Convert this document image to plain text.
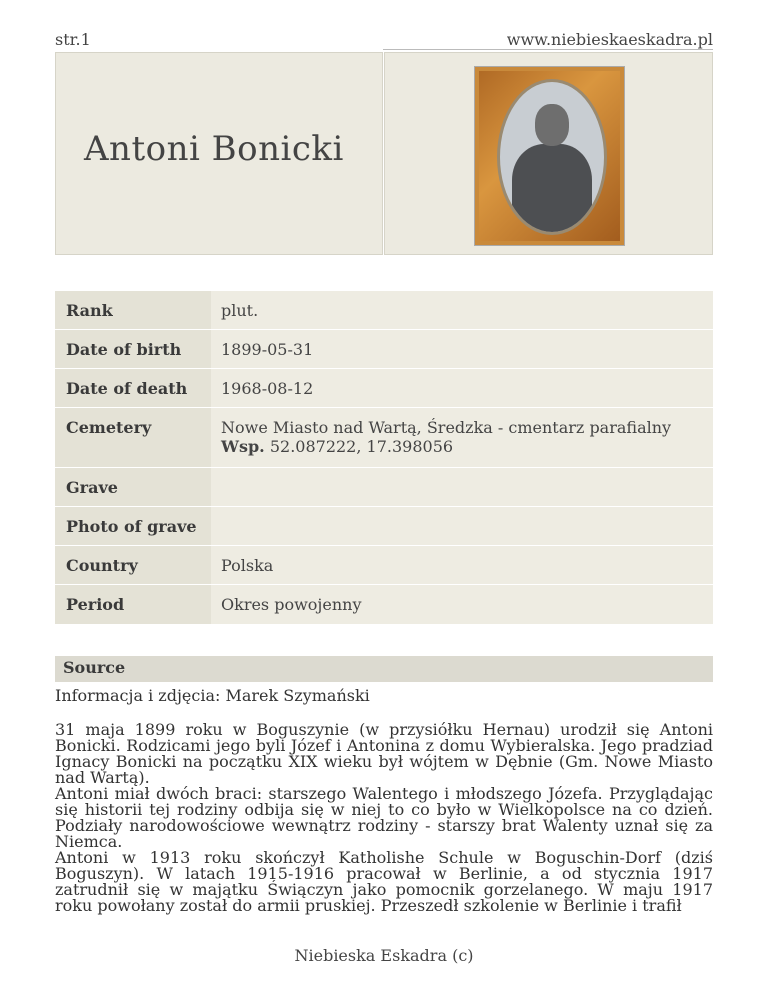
str.1	www.niebieskaeskadra.pl
Antoni Bonicki
Rank	plut.
Date of birth	1899-05-31
Date of death	1968-08-12
Cemetery	Nowe Miasto nad Wartą, Średzka - cmentarz parafialny
Wsp. 52.087222, 17.398056
Grave	
Photo of grave	
Country	Polska
Period	Okres powojenny
Source
Informacja i zdjęcia: Marek Szymański

31 maja 1899 roku w Boguszynie (w przysiółku Hernau) urodził się Antoni Bonicki. Rodzicami jego byli Józef i Antonina z domu Wybieralska. Jego pradziad Ignacy Bonicki na początku XIX wieku był wójtem w Dębnie (Gm. Nowe Miasto nad Wartą).

Antoni miał dwóch braci: starszego Walentego i młodszego Józefa. Przyglądając się historii tej rodziny odbija się w niej to co było w Wielkopolsce na co dzień. Podziały narodowościowe wewnątrz rodziny - starszy brat Walenty uznał się za Niemca.

Antoni w 1913 roku skończył Katholishe Schule w Boguschin-Dorf (dziś Boguszyn). W latach 1915-1916 pracował w Berlinie, a od stycznia 1917 zatrudnił się w majątku Świączyn jako pomocnik gorzelanego. W maju 1917 roku powołany został do armii pruskiej. Przeszedł szkolenie w Berlinie i trafił

Niebieska Eskadra (c)
